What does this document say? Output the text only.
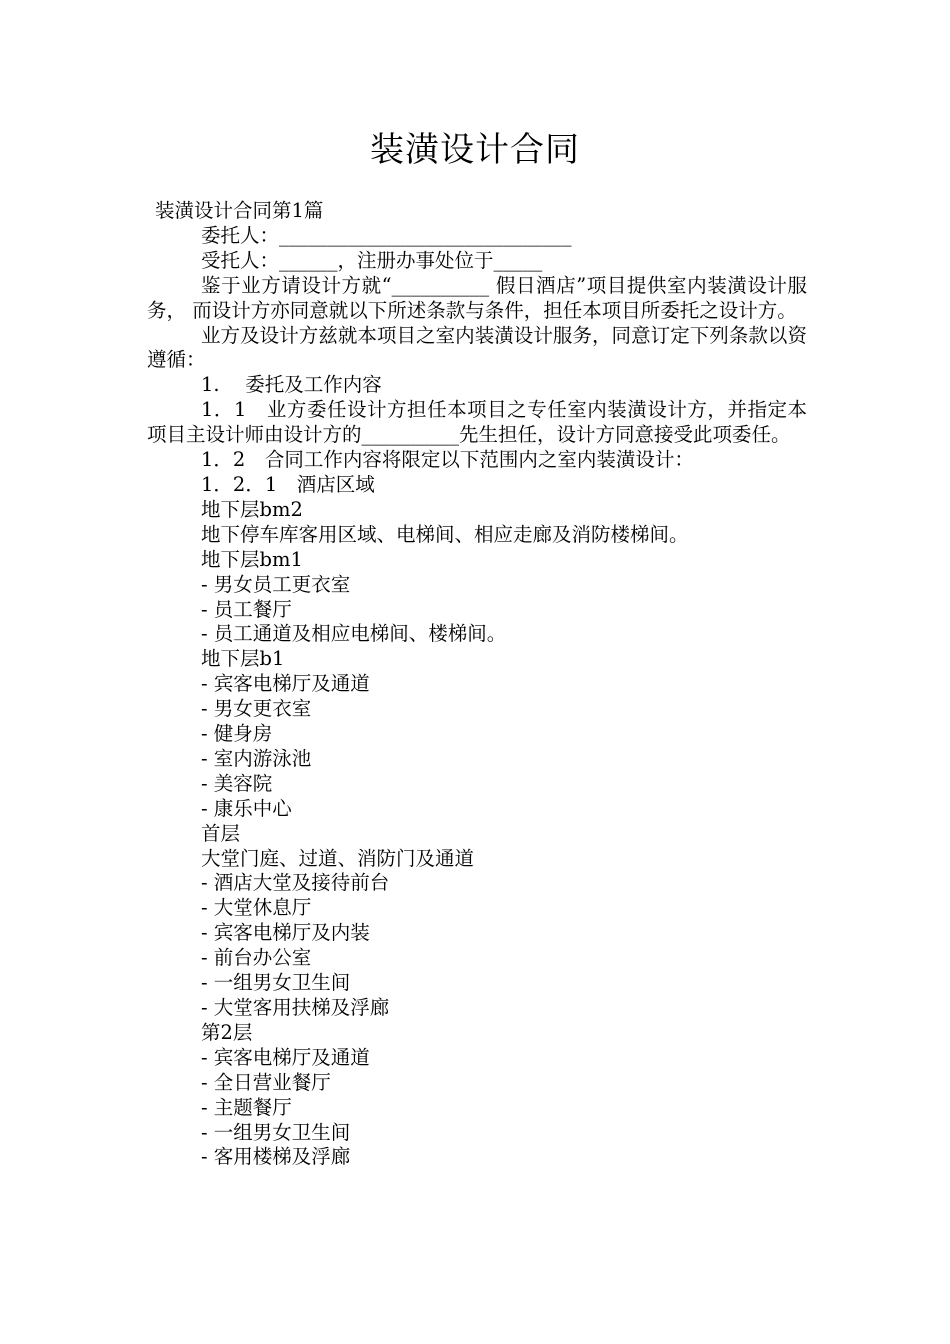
装潢设计合同
装潢设计合同第1篇
委托人：______________________________
受托人：______，注册办事处位于_____
鉴于业方请设计方就“__________ 假日酒店”项目提供室内装潢设计服务， 而设计方亦同意就以下所述条款与条件，担任本项目所委托之设计方。
业方及设计方兹就本项目之室内装潢设计服务，同意订定下列条款以资遵循：
1.　 委托及工作内容
1．1　业方委任设计方担任本项目之专任室内装潢设计方，并指定本项目主设计师由设计方的__________先生担任，设计方同意接受此项委任。
1．2　合同工作内容将限定以下范围内之室内装潢设计：
1．2．1　酒店区域
地下层bm2
地下停车库客用区域、电梯间、相应走廊及消防楼梯间。
地下层bm1
- 男女员工更衣室
- 员工餐厅
- 员工通道及相应电梯间、楼梯间。
地下层b1
- 宾客电梯厅及通道
- 男女更衣室
- 健身房
- 室内游泳池
- 美容院
- 康乐中心
首层
大堂门庭、过道、消防门及通道
- 酒店大堂及接待前台
- 大堂休息厅
- 宾客电梯厅及内装
- 前台办公室
- 一组男女卫生间
- 大堂客用扶梯及浮廊
第2层
- 宾客电梯厅及通道
- 全日营业餐厅
- 主题餐厅
- 一组男女卫生间
- 客用楼梯及浮廊
